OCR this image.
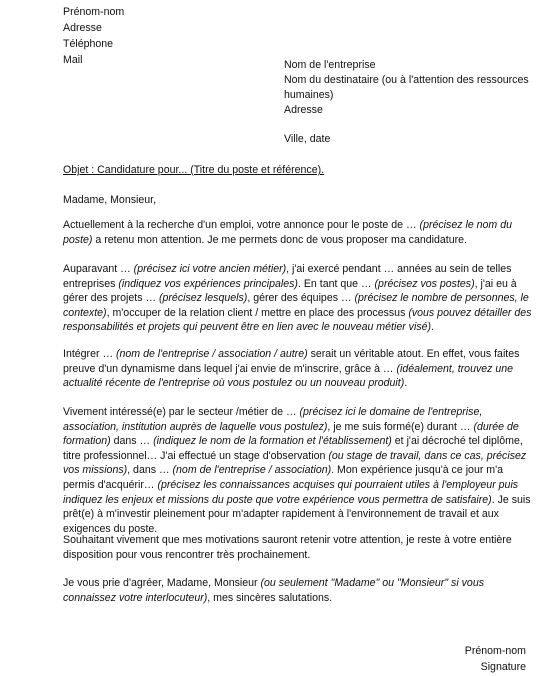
Prénom-nom
Adresse
Téléphone
Mail	Nom de l'entreprise
Nom du destinataire (ou à l'attention des ressources humaines)
Adresse
Ville, date
Objet : Candidature pour... (Titre du poste et référence).
Madame, Monsieur,

Actuellement à la recherche d'un emploi, votre annonce pour le poste de … (précisez le nom du poste) a retenu mon attention. Je me permets donc de vous proposer ma candidature.

Auparavant … (précisez ici votre ancien métier), j'ai exercé pendant … années au sein de telles entreprises (indiquez vos expériences principales). En tant que … (précisez vos postes), j'ai eu à gérer des projets … (précisez lesquels), gérer des équipes … (précisez le nombre de personnes, le contexte), m'occuper de la relation client / mettre en place des processus (vous pouvez détailler des responsabilités et projets qui peuvent être en lien avec le nouveau métier visé).

Intégrer … (nom de l'entreprise / association / autre) serait un véritable atout. En effet, vous faites preuve d'un dynamisme dans lequel j'ai envie de m'inscrire, grâce à … (idéalement, trouvez une actualité récente de l'entreprise où vous postulez ou un nouveau produit).

Vivement intéressé(e) par le secteur /métier de … (précisez ici le domaine de l'entreprise, association, institution auprès de laquelle vous postulez), je me suis formé(e) durant … (durée de formation) dans … (indiquez le nom de la formation et l'établissement) et j'ai décroché tel diplôme, titre professionnel… J'ai effectué un stage d'observation (ou stage de travail, dans ce cas, précisez vos missions), dans … (nom de l'entreprise / association). Mon expérience jusqu'à ce jour m'a permis d'acquérir… (précisez les connaissances acquises qui pourraient utiles à l'employeur puis indiquez les enjeux et missions du poste que votre expérience vous permettra de satisfaire). Je suis prêt(e) à m'investir pleinement pour m'adapter rapidement à l'environnement de travail et aux exigences du poste.

Souhaitant vivement que mes motivations sauront retenir votre attention, je reste à votre entière disposition pour vous rencontrer très prochainement.

Je vous prie d'agréer, Madame, Monsieur (ou seulement "Madame" ou "Monsieur" si vous connaissez votre interlocuteur), mes sincères salutations.

Prénom-nom
Signature
